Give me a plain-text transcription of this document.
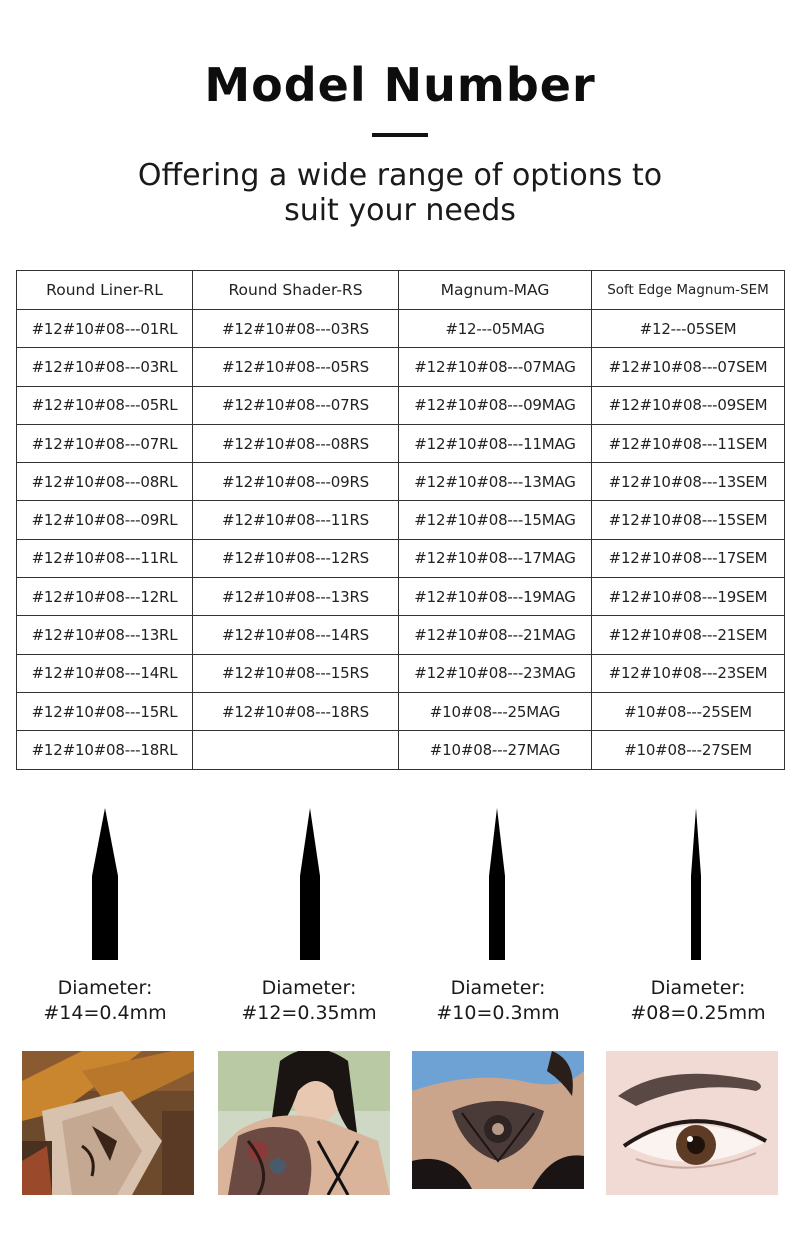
Model Number
Offering a wide range of options to
suit your needs
Round Liner-RL	Round Shader-RS	Magnum-MAG	Soft Edge Magnum-SEM
#12#10#08---01RL	#12#10#08---03RS	#12---05MAG	#12---05SEM
#12#10#08---03RL	#12#10#08---05RS	#12#10#08---07MAG	#12#10#08---07SEM
#12#10#08---05RL	#12#10#08---07RS	#12#10#08---09MAG	#12#10#08---09SEM
#12#10#08---07RL	#12#10#08---08RS	#12#10#08---11MAG	#12#10#08---11SEM
#12#10#08---08RL	#12#10#08---09RS	#12#10#08---13MAG	#12#10#08---13SEM
#12#10#08---09RL	#12#10#08---11RS	#12#10#08---15MAG	#12#10#08---15SEM
#12#10#08---11RL	#12#10#08---12RS	#12#10#08---17MAG	#12#10#08---17SEM
#12#10#08---12RL	#12#10#08---13RS	#12#10#08---19MAG	#12#10#08---19SEM
#12#10#08---13RL	#12#10#08---14RS	#12#10#08---21MAG	#12#10#08---21SEM
#12#10#08---14RL	#12#10#08---15RS	#12#10#08---23MAG	#12#10#08---23SEM
#12#10#08---15RL	#12#10#08---18RS	#10#08---25MAG	#10#08---25SEM
#12#10#08---18RL		#10#08---27MAG	#10#08---27SEM
Diameter:
#14=0.4mm
Diameter:
#12=0.35mm
Diameter:
#10=0.3mm
Diameter:
#08=0.25mm
